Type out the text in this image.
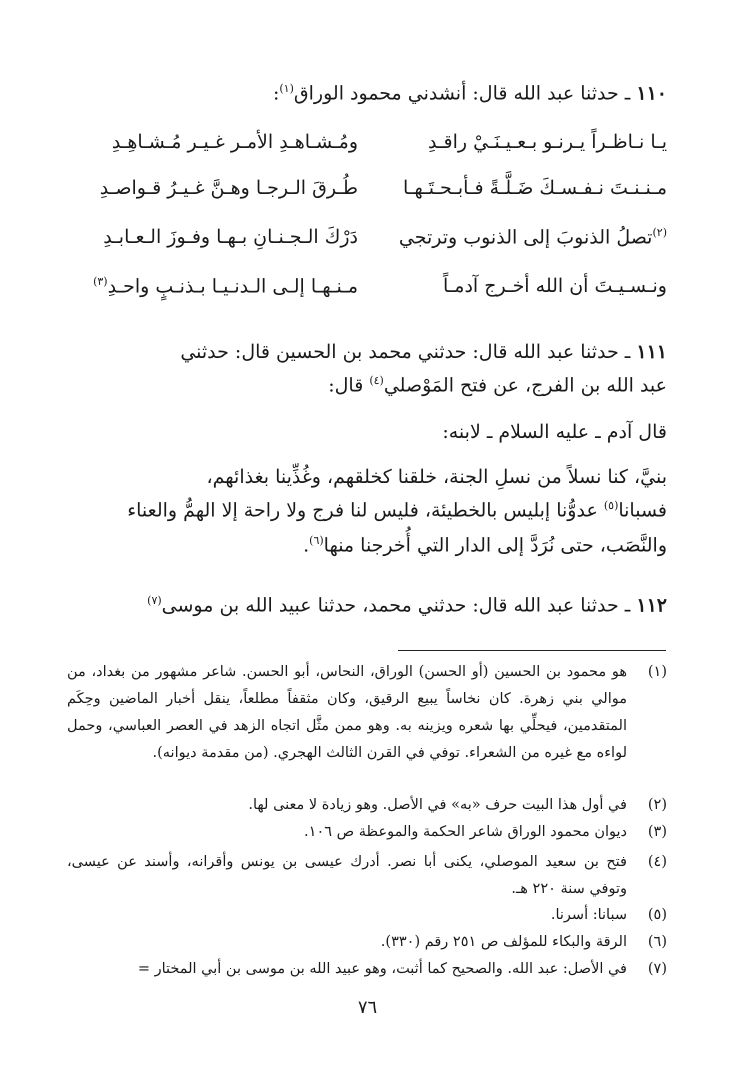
١١٠ ـ حدثنا عبد الله قال: أنشدني محمود الوراق$^{(١)}$:
يـا نـاظـراً يـرنـو بـعـيـنَـيْ راقـدِ
ومُـشـاهـدِ الأمـر غـيـر مُـشـاهِـدِ
مـنـنـتَ نـفـسـكَ ضَـلَّـةً فـأبـحـتَـهـا
طُـرقَ الـرجـا وهـنَّ غـيـرُ قـواصـدِ
$^{(٢)}$تصلُ الذنوبَ إلى الذنوب وترتجي
دَرْكَ الـجـنـانِ بـهـا وفـوزَ الـعـابـدِ
ونـسـيـتَ أن الله أخـرج آدمـاً
مـنـهـا إلـى الـدنـيـا بـذنـبٍ واحـدِ$^{(٣)}$
١١١ ـ حدثنا عبد الله قال: حدثني محمد بن الحسين قال: حدثني
عبد الله بن الفرج، عن فتح المَوْصلي$^{(٤)}$ قال:
قال آدم ـ عليه السلام ـ لابنه:
بنيَّ، كنا نسلاً من نسلِ الجنة، خلقنا كخلقهم، وغُذِّينا بغذائهم،
فسبانا$^{(٥)}$ عدوُّنا إبليس بالخطيئة، فليس لنا فرج ولا راحة إلا الهمُّ والعناء
والنَّصَب، حتى نُرَدَّ إلى الدار التي أُخرجنا منها$^{(٦)}$.
١١٢ ـ حدثنا عبد الله قال: حدثني محمد، حدثنا عبيد الله بن موسى$^{(٧)}$
(١)
هو محمود بن الحسين (أو الحسن) الوراق، النحاس، أبو الحسن. شاعر مشهور من بغداد، من موالي بني زهرة. كان نخاساً يبيع الرقيق، وكان مثقفاً مطلعاً، ينقل أخبار الماضين وحِكَم المتقدمين، فيحلِّي بها شعره ويزينه به. وهو ممن مثَّل اتجاه الزهد في العصر العباسي، وحمل لواءه مع غيره من الشعراء. توفي في القرن الثالث الهجري. (من مقدمة ديوانه).
(٢)
في أول هذا البيت حرف «به» في الأصل. وهو زيادة لا معنى لها.
(٣)
ديوان محمود الوراق شاعر الحكمة والموعظة ص ١٠٦.
(٤)
فتح بن سعيد الموصلي، يكنى أبا نصر. أدرك عيسى بن يونس وأقرانه، وأسند عن عيسى، وتوفي سنة ٢٢٠ هـ.
(٥)
سبانا: أسرنا.
(٦)
الرقة والبكاء للمؤلف ص ٢٥١ رقم (٣٣٠).
(٧)
في الأصل: عبد الله. والصحيح كما أثبت، وهو عبيد الله بن موسى بن أبي المختار =
٧٦
